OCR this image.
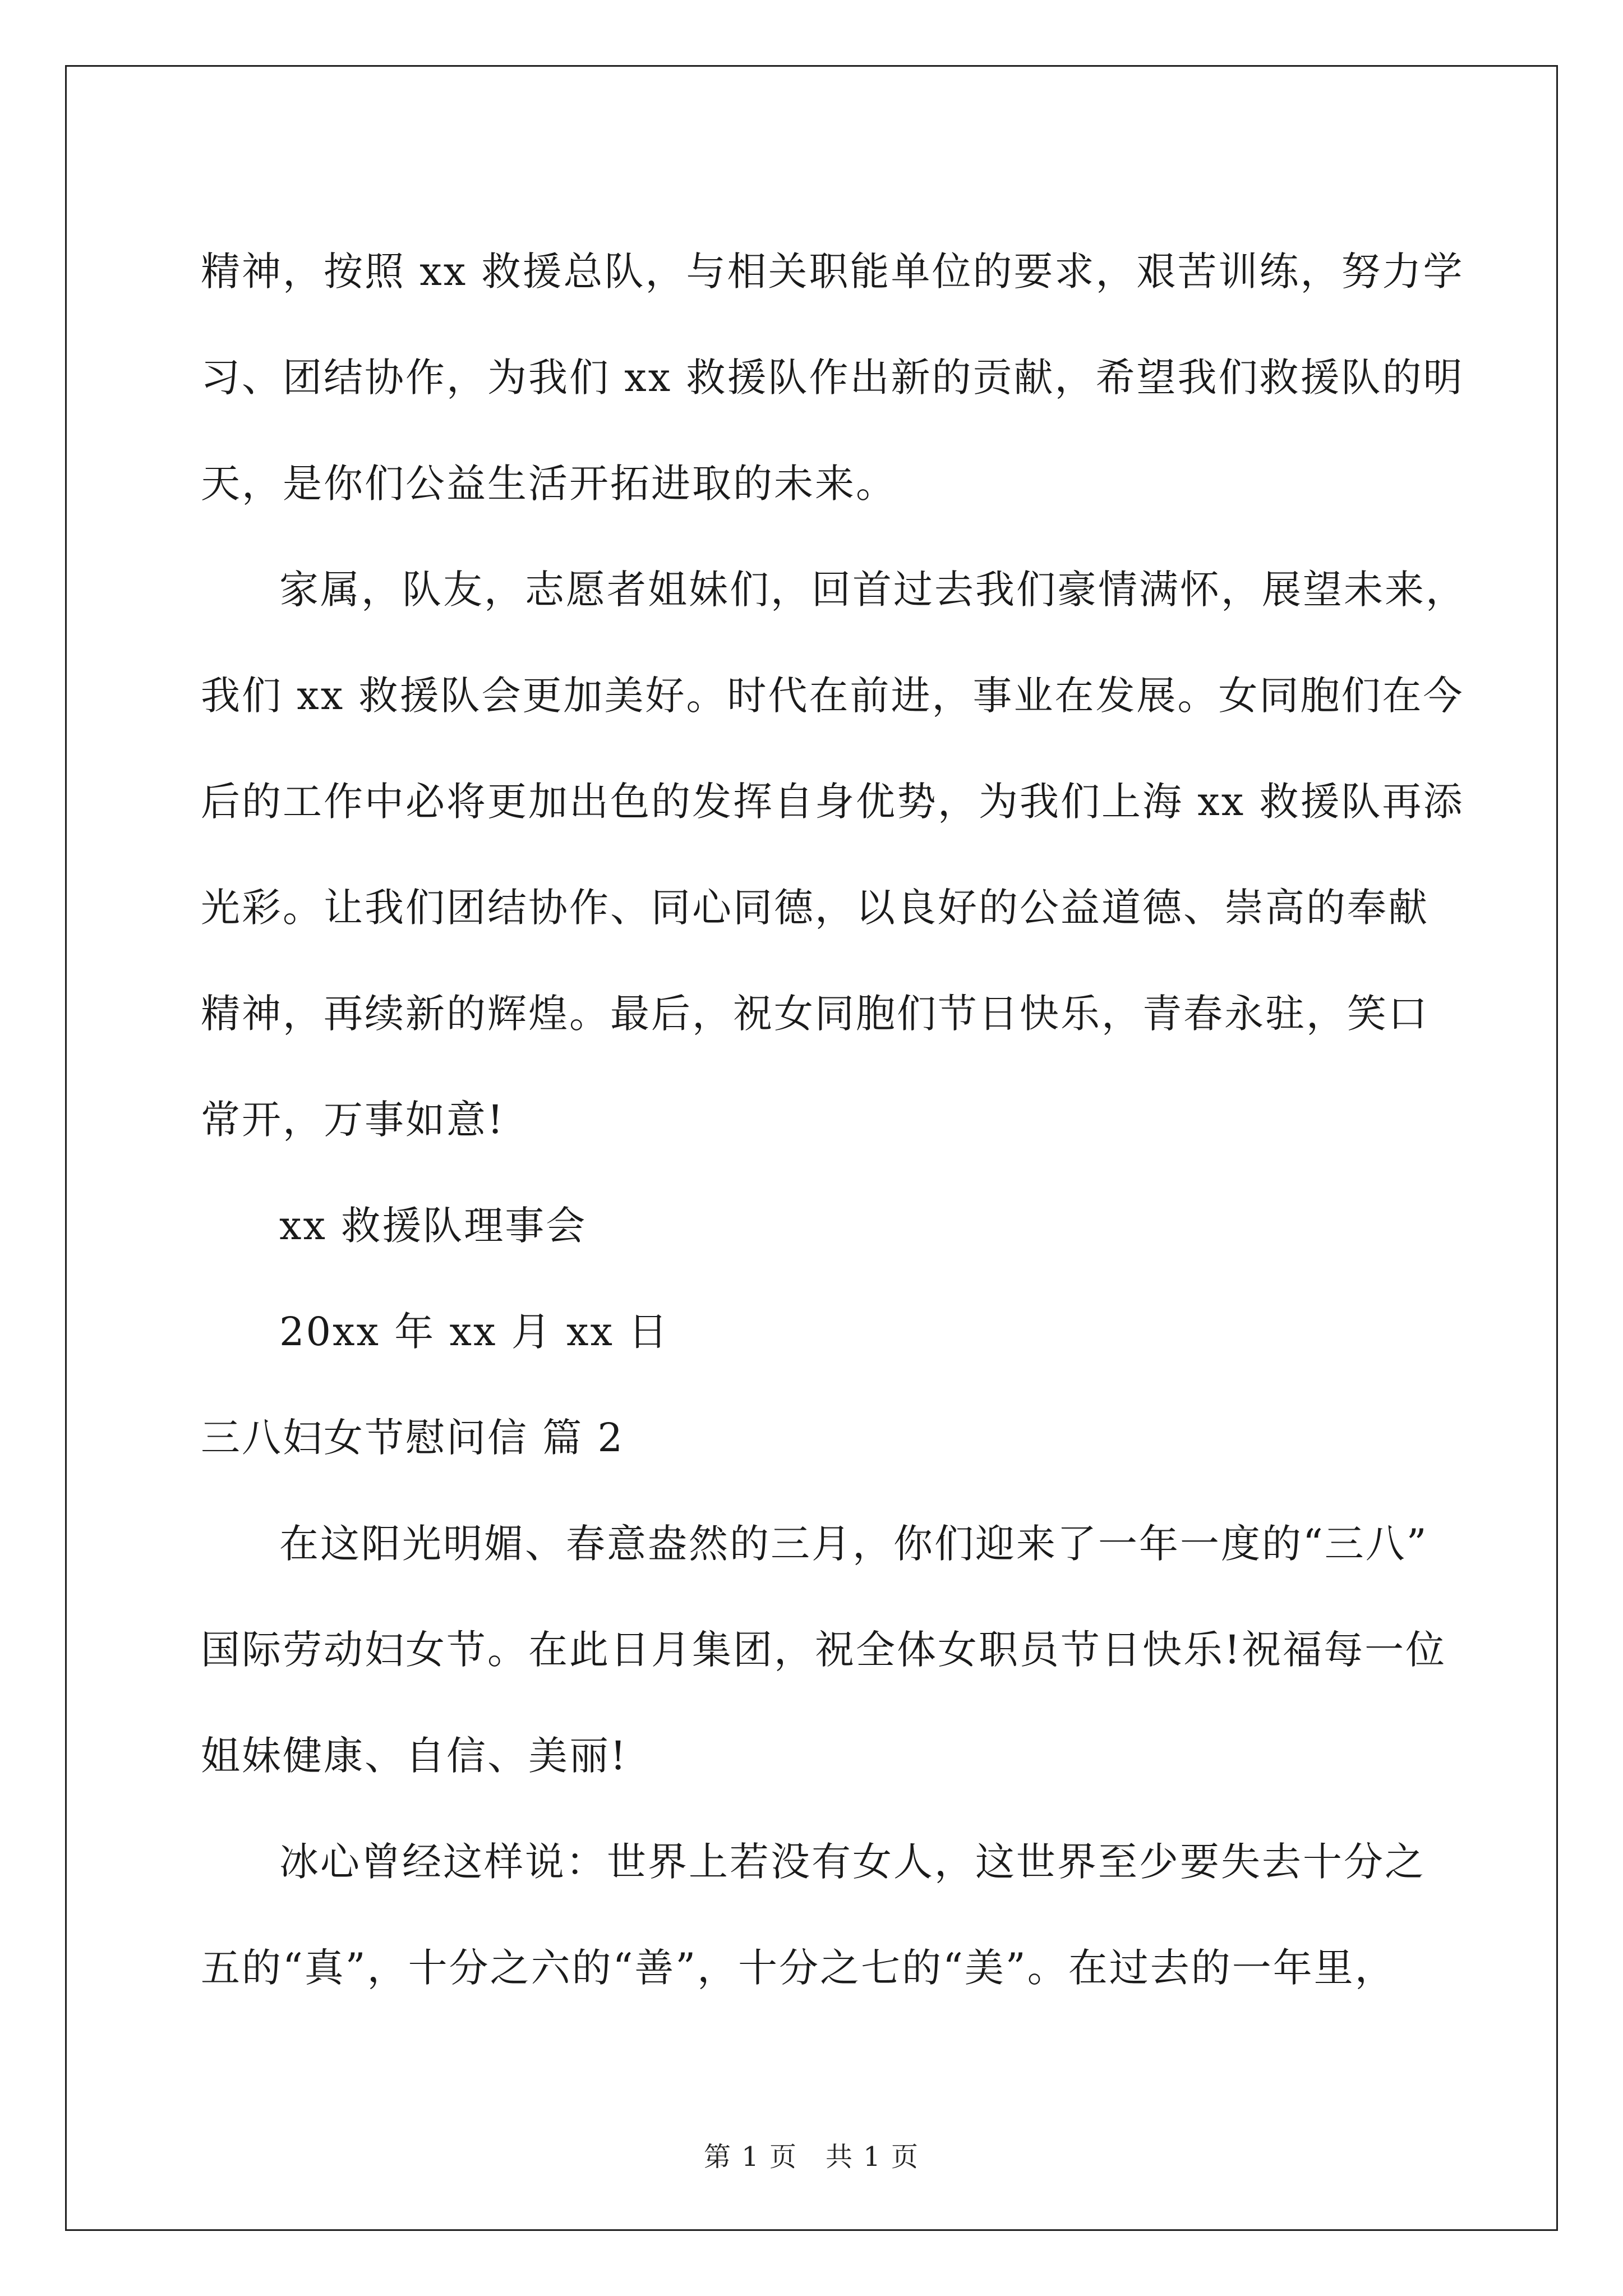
精神，按照 xx 救援总队，与相关职能单位的要求，艰苦训练，努力学
习、团结协作，为我们 xx 救援队作出新的贡献，希望我们救援队的明
天，是你们公益生活开拓进取的未来。
家属，队友，志愿者姐妹们，回首过去我们豪情满怀，展望未来，
我们 xx 救援队会更加美好。时代在前进，事业在发展。女同胞们在今
后的工作中必将更加出色的发挥自身优势，为我们上海 xx 救援队再添
光彩。让我们团结协作、同心同德，以良好的公益道德、崇高的奉献
精神，再续新的辉煌。最后，祝女同胞们节日快乐，青春永驻，笑口
常开，万事如意!
xx 救援队理事会
20xx 年 xx 月 xx 日
三八妇女节慰问信 篇 2
在这阳光明媚、春意盎然的三月，你们迎来了一年一度的“三八”
国际劳动妇女节。在此日月集团，祝全体女职员节日快乐!祝福每一位
姐妹健康、自信、美丽!
冰心曾经这样说：世界上若没有女人，这世界至少要失去十分之
五的“真”，十分之六的“善”，十分之七的“美”。在过去的一年里，
第 1 页　共 1 页
